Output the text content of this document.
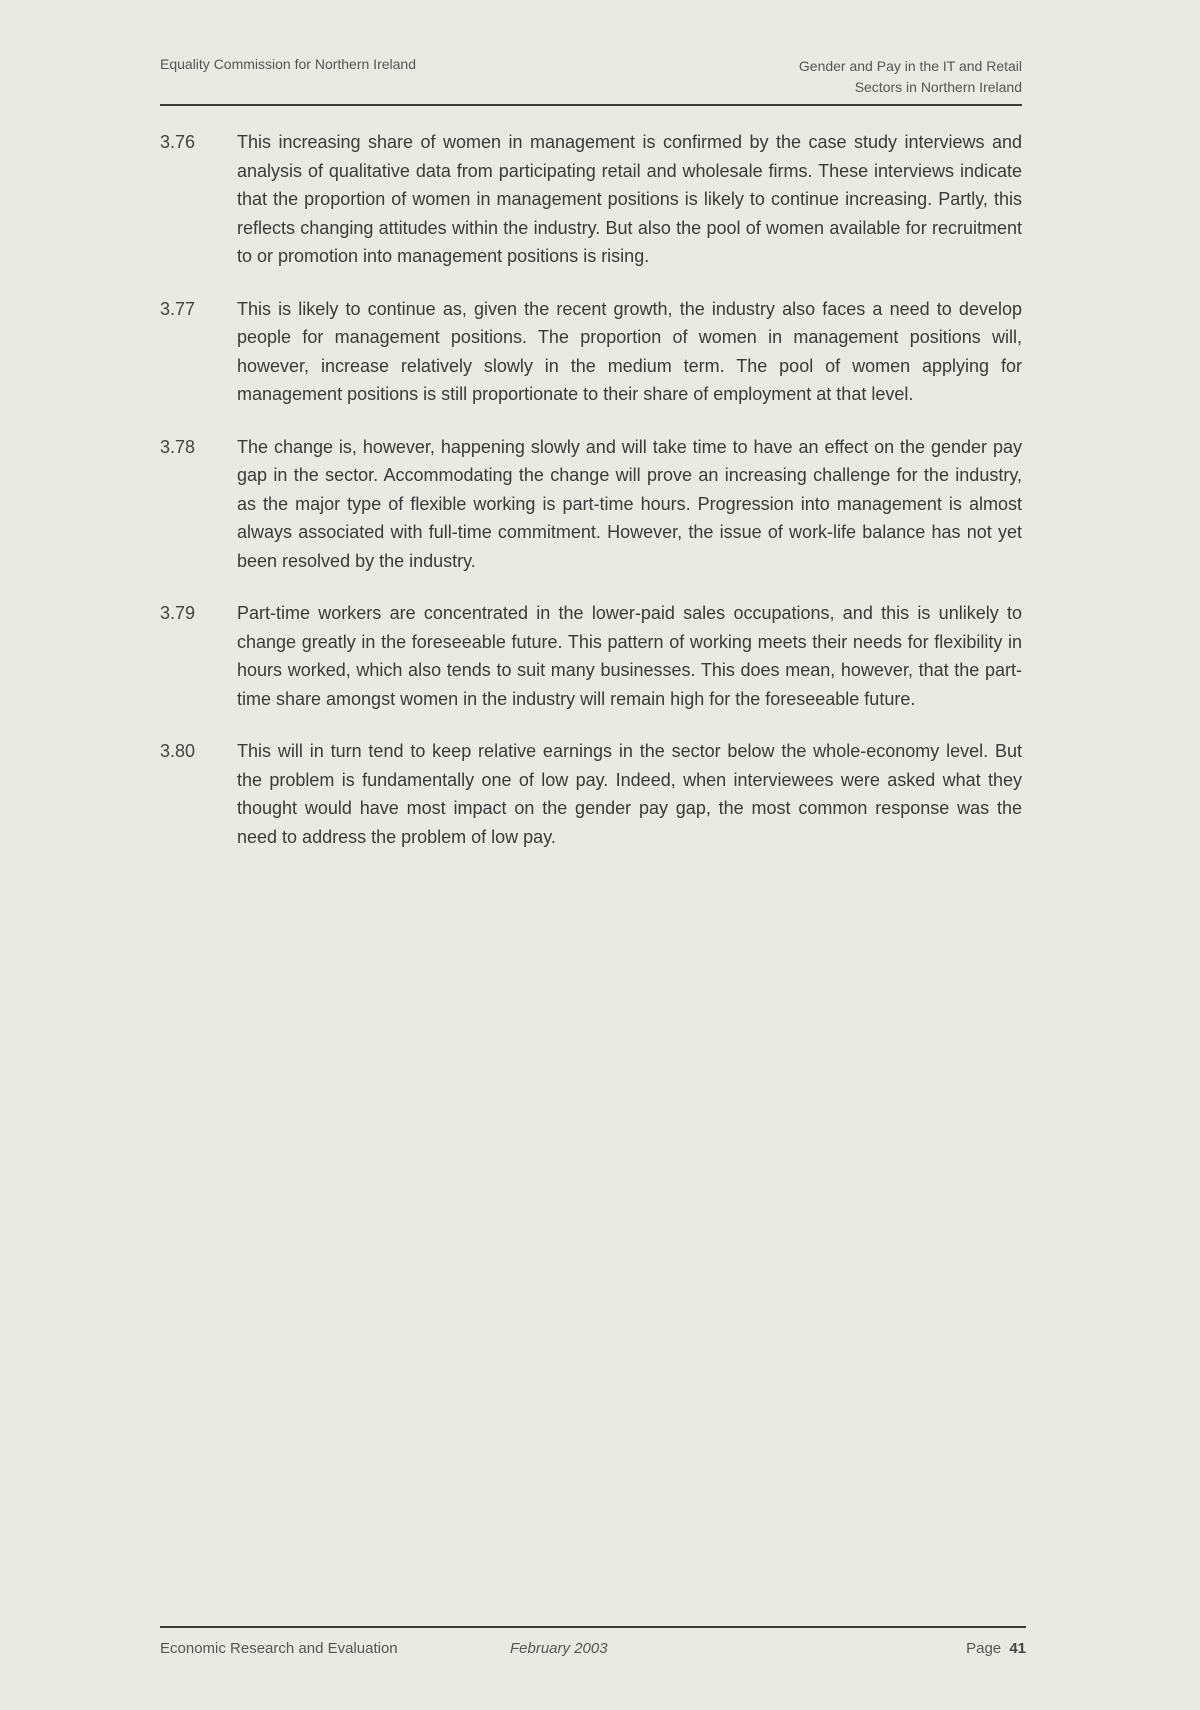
Equality Commission for Northern Ireland	Gender and Pay in the IT and Retail
Sectors in Northern Ireland
3.76	This increasing share of women in management is confirmed by the case study interviews and analysis of qualitative data from participating retail and wholesale firms. These interviews indicate that the proportion of women in management positions is likely to continue increasing. Partly, this reflects changing attitudes within the industry. But also the pool of women available for recruitment to or promotion into management positions is rising.
3.77	This is likely to continue as, given the recent growth, the industry also faces a need to develop people for management positions. The proportion of women in management positions will, however, increase relatively slowly in the medium term. The pool of women applying for management positions is still proportionate to their share of employment at that level.
3.78	The change is, however, happening slowly and will take time to have an effect on the gender pay gap in the sector. Accommodating the change will prove an increasing challenge for the industry, as the major type of flexible working is part-time hours. Progression into management is almost always associated with full-time commitment. However, the issue of work-life balance has not yet been resolved by the industry.
3.79	Part-time workers are concentrated in the lower-paid sales occupations, and this is unlikely to change greatly in the foreseeable future. This pattern of working meets their needs for flexibility in hours worked, which also tends to suit many businesses. This does mean, however, that the part-time share amongst women in the industry will remain high for the foreseeable future.
3.80	This will in turn tend to keep relative earnings in the sector below the whole-economy level. But the problem is fundamentally one of low pay. Indeed, when interviewees were asked what they thought would have most impact on the gender pay gap, the most common response was the need to address the problem of low pay.
Economic Research and Evaluation	February 2003	Page 41
